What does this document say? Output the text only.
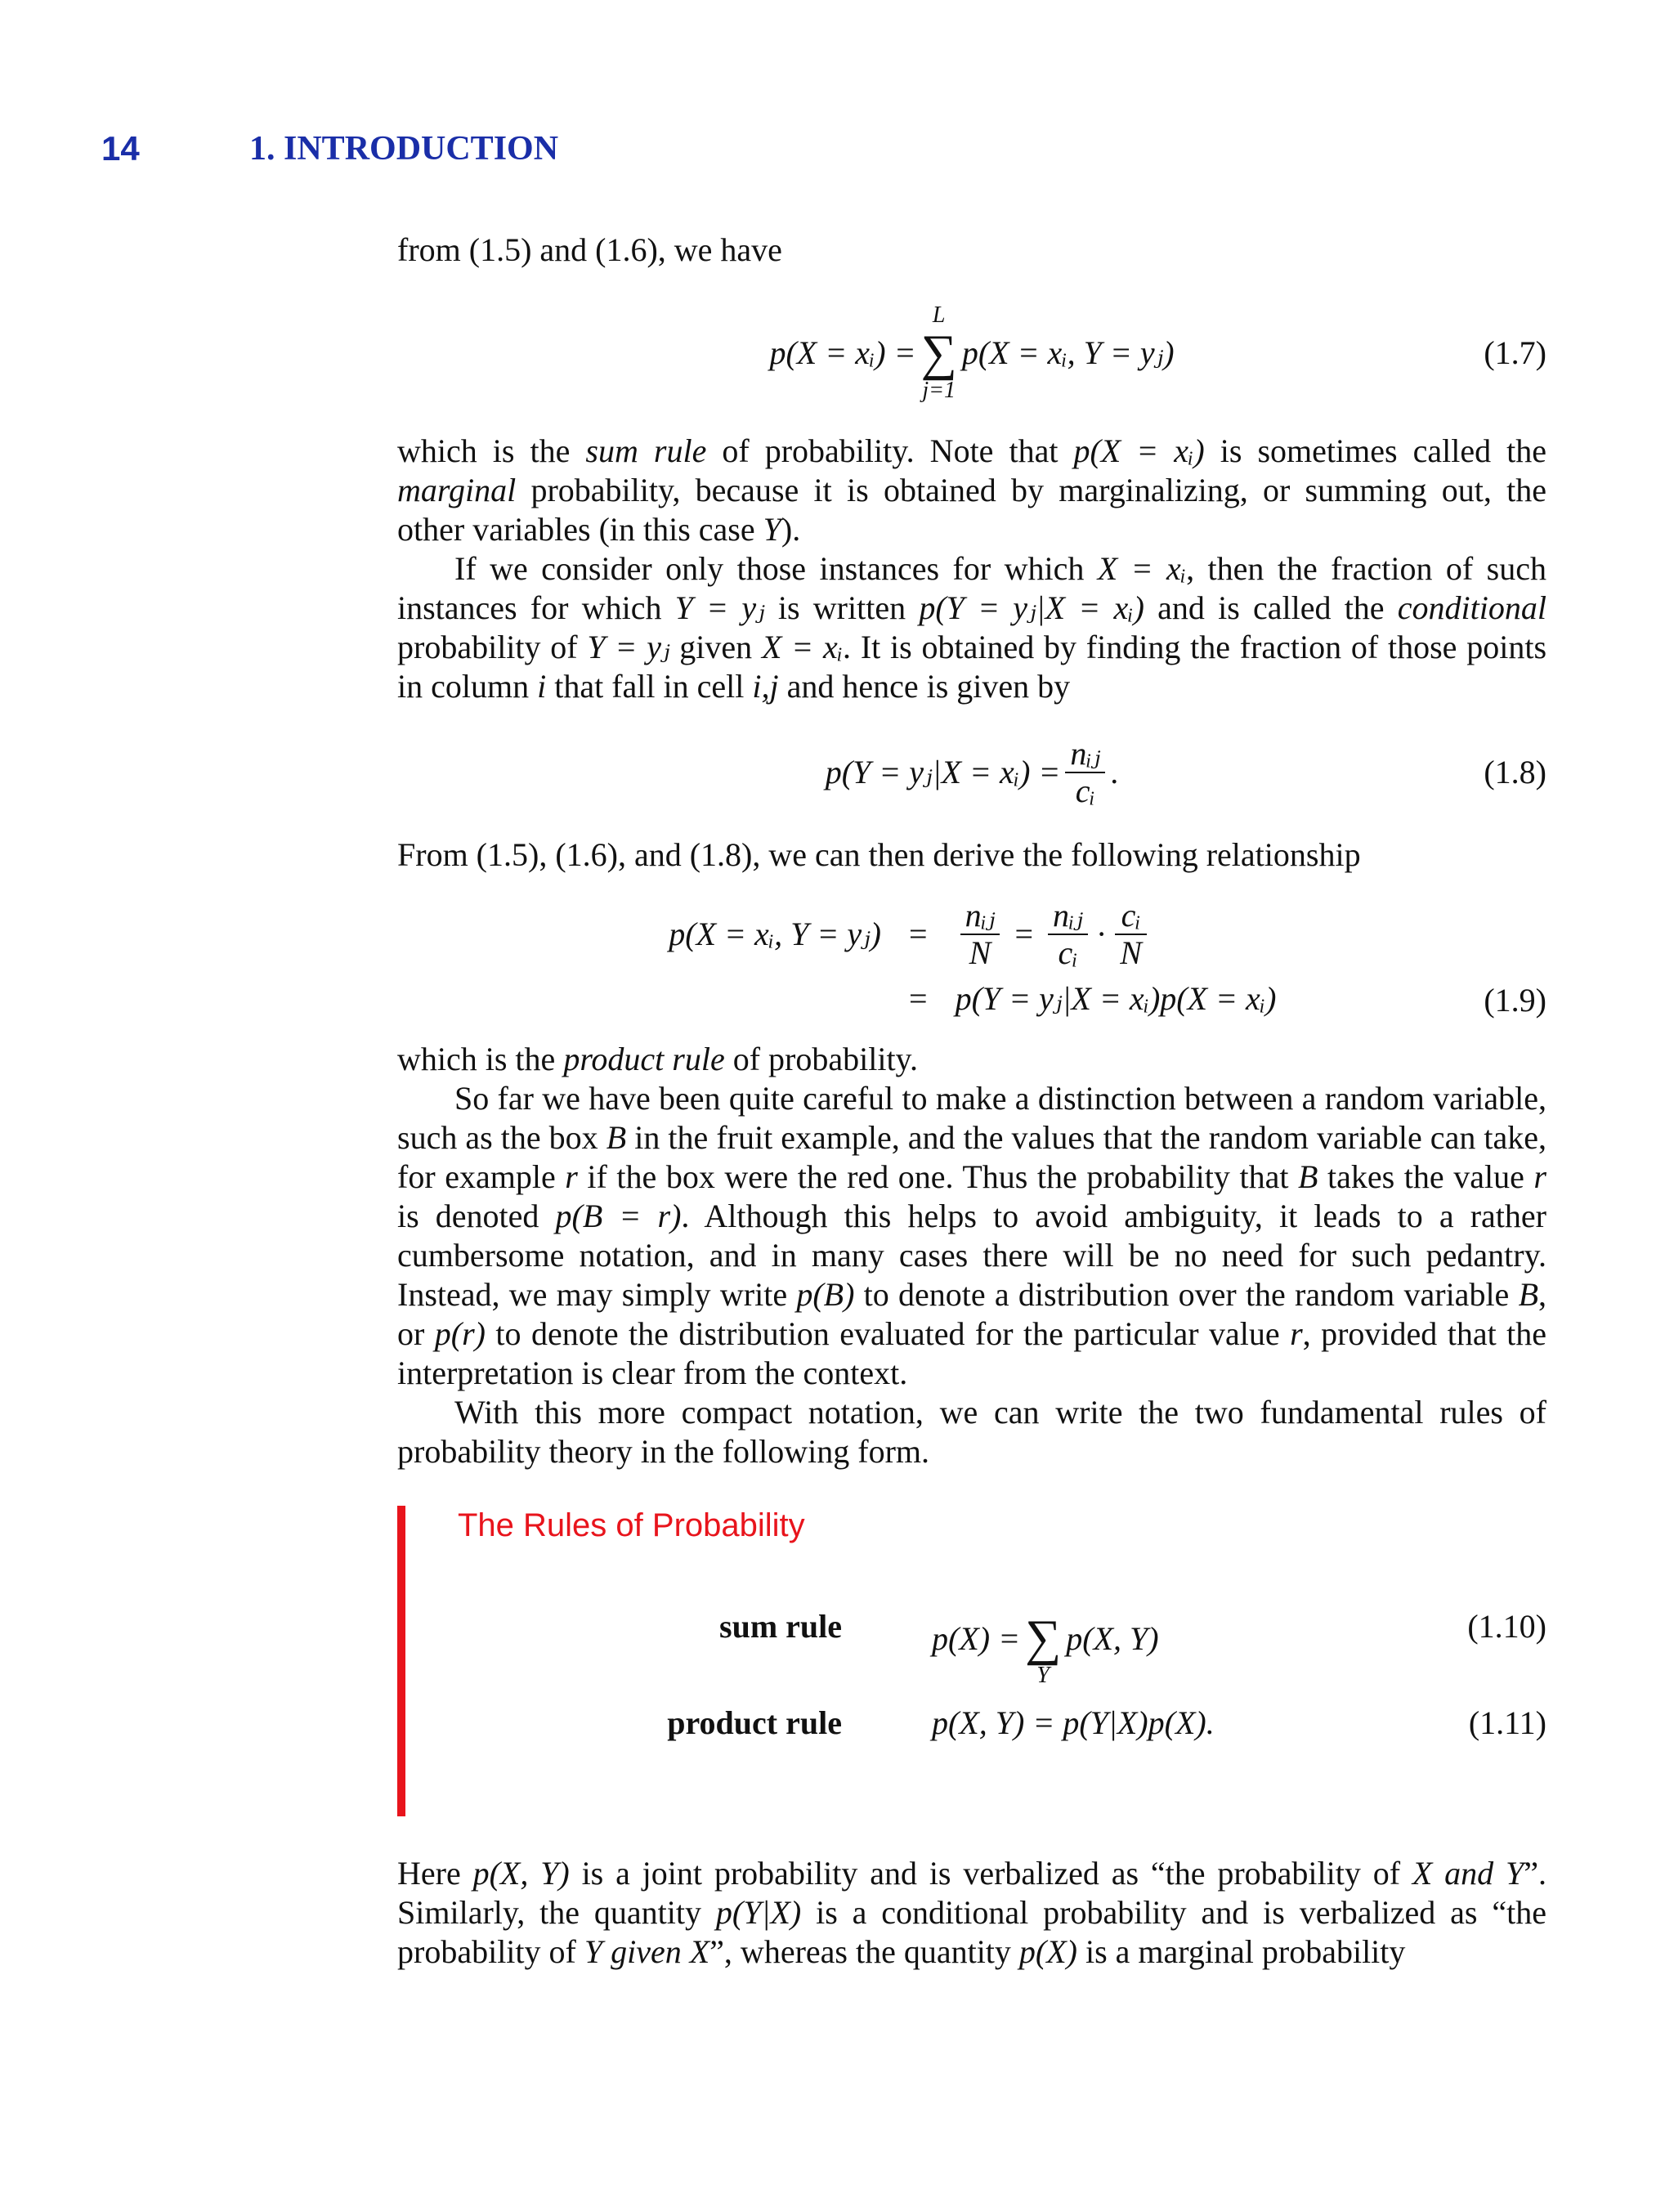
14	1. INTRODUCTION

from (1.5) and (1.6), we have

p(X = xᵢ) =
L
∑
j=1
p(X = xᵢ, Y = yⱼ)	(1.7)

which is the sum rule of probability. Note that p(X = xᵢ) is sometimes called the marginal probability, because it is obtained by marginalizing, or summing out, the other variables (in this case Y).

If we consider only those instances for which X = xᵢ, then the fraction of such instances for which Y = yⱼ is written p(Y = yⱼ|X = xᵢ) and is called the conditional probability of Y = yⱼ given X = xᵢ. It is obtained by finding the fraction of those points in column i that fall in cell i,j and hence is given by

p(Y = yⱼ|X = xᵢ) = $\frac{\text{nᵢⱼ}}{\text{cᵢ}}$ .	(1.8)

From (1.5), (1.6), and (1.8), we can then derive the following relationship

p(X = xᵢ, Y = yⱼ) = $\frac{\text{nᵢⱼ}}{N} = \frac{\text{nᵢⱼ}}{\text{cᵢ}} \cdot \frac{\text{cᵢ}}{N}$
= p(Y = yⱼ|X = xᵢ)p(X = xᵢ)	(1.9)

which is the product rule of probability.

So far we have been quite careful to make a distinction between a random variable, such as the box B in the fruit example, and the values that the random variable can take, for example r if the box were the red one. Thus the probability that B takes the value r is denoted p(B = r). Although this helps to avoid ambiguity, it leads to a rather cumbersome notation, and in many cases there will be no need for such pedantry. Instead, we may simply write p(B) to denote a distribution over the random variable B, or p(r) to denote the distribution evaluated for the particular value r, provided that the interpretation is clear from the context.

With this more compact notation, we can write the two fundamental rules of probability theory in the following form.

The Rules of Probability
sum rule	p(X) = ∑
Y
p(X, Y)	(1.10)
product rule	p(X, Y) = p(Y|X)p(X).	(1.11)

Here p(X, Y) is a joint probability and is verbalized as “the probability of X and Y”. Similarly, the quantity p(Y|X) is a conditional probability and is verbalized as “the probability of Y given X”, whereas the quantity p(X) is a marginal probability
